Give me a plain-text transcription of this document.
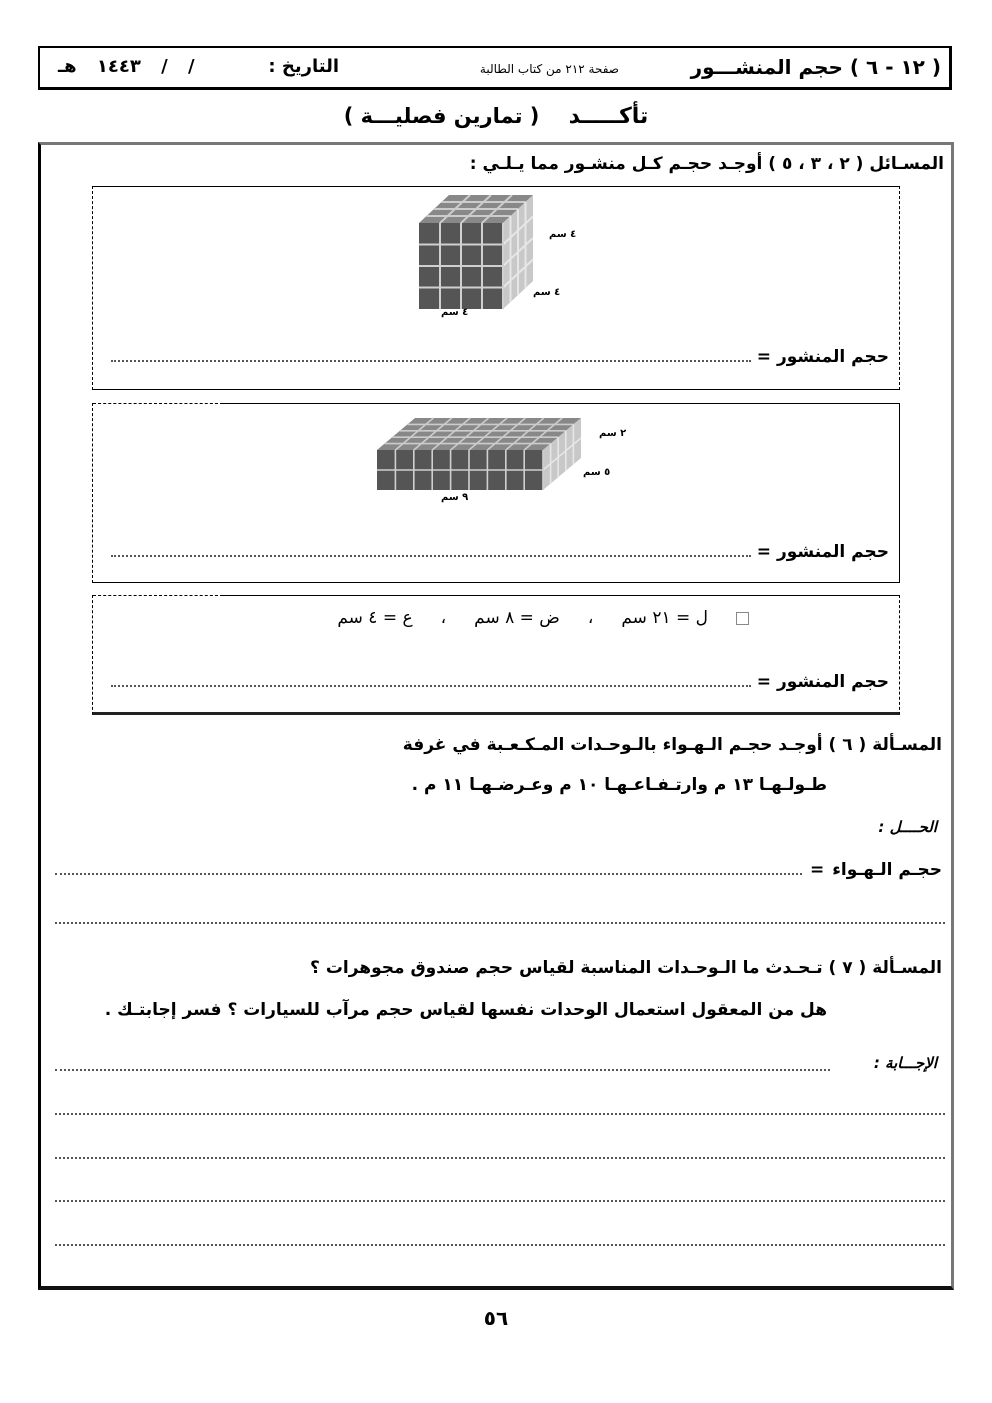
( ١٢ - ٦ ) حجم المنشـــور
صفحة ٢١٢ من كتاب الطالبة
التاريخ :
/ / ١٤٤٣ هـ
تأكـــــد    ( تمارين فصليـــة )
المسـائل ( ٢ ، ٣ ، ٥ ) أوجـد حجـم كـل منشـور مما يـلـي :
٤ سم
٤ سم
٤ سم
حجم المنشور
=
٢ سم
٥ سم
٩ سم
حجم المنشور
=
ل = ٢١ سم،ض = ٨ سم،ع = ٤ سم
حجم المنشور
=
المسـألة ( ٦ ) أوجـد حجـم الـهـواء بالـوحـدات المـكـعـبة في غرفة
طـولـهـا ١٣ م وارتـفـاعـهـا ١٠ م وعـرضـهـا ١١ م .
الحــــل :
حجـم الـهـواء
=
المسـألة ( ٧ ) تـحـدث ما الـوحـدات المناسبة لقياس حجم صندوق مجوهرات ؟
هل من المعقول استعمال الوحدات نفسها لقياس حجم مرآب للسيارات ؟ فسر إجابتـك .
الإجـــابة :
٥٦
